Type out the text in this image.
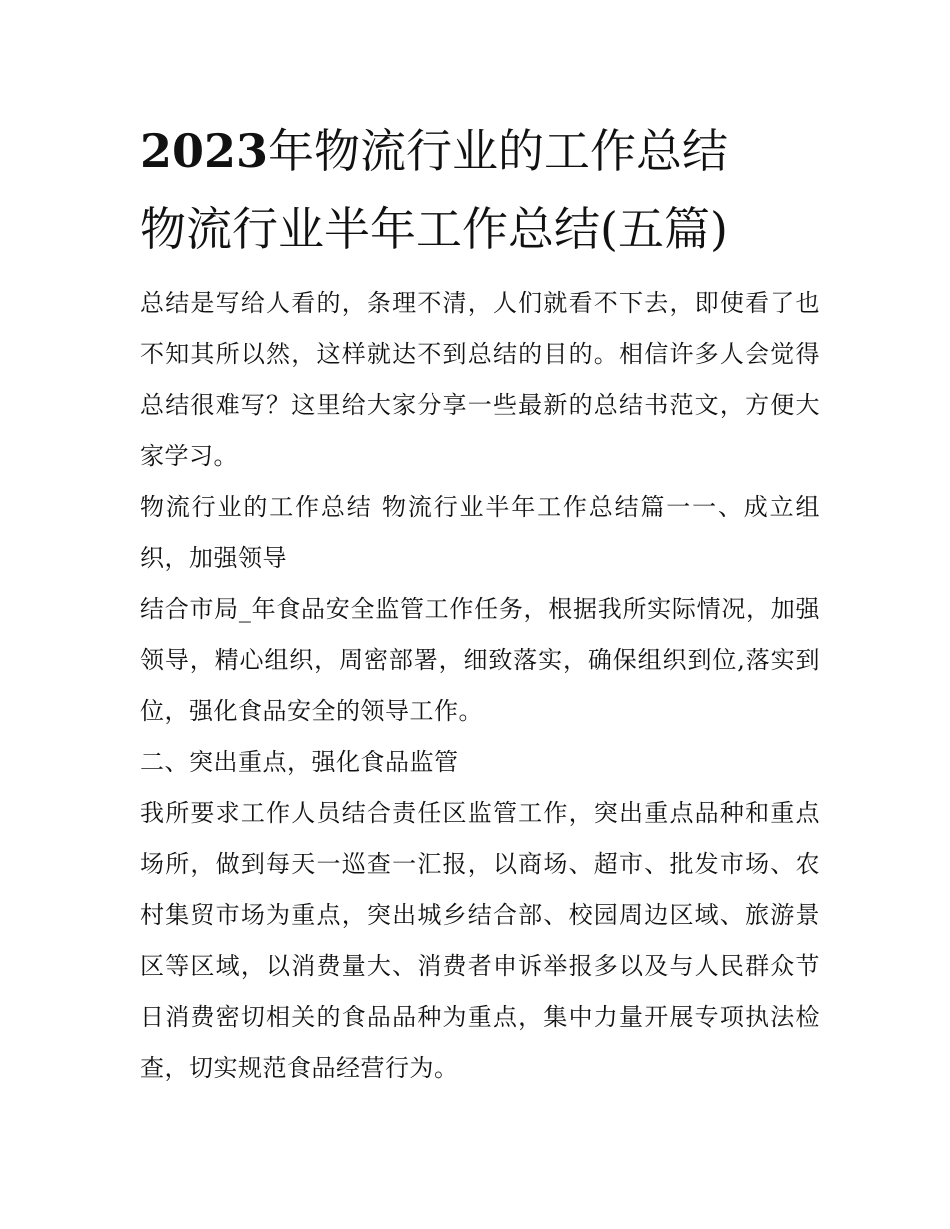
2023年物流行业的工作总结
物流行业半年工作总结(五篇)

总结是写给人看的，条理不清，人们就看不下去，即使看了也不知其所以然，这样就达不到总结的目的。相信许多人会觉得总结很难写？这里给大家分享一些最新的总结书范文，方便大家学习。

物流行业的工作总结 物流行业半年工作总结篇一一、成立组织，加强领导

结合市局_年食品安全监管工作任务，根据我所实际情况，加强领导，精心组织，周密部署，细致落实，确保组织到位,落实到位，强化食品安全的领导工作。

二、突出重点，强化食品监管

我所要求工作人员结合责任区监管工作，突出重点品种和重点场所，做到每天一巡查一汇报，以商场、超市、批发市场、农村集贸市场为重点，突出城乡结合部、校园周边区域、旅游景区等区域，以消费量大、消费者申诉举报多以及与人民群众节日消费密切相关的食品品种为重点，集中力量开展专项执法检查，切实规范食品经营行为。
